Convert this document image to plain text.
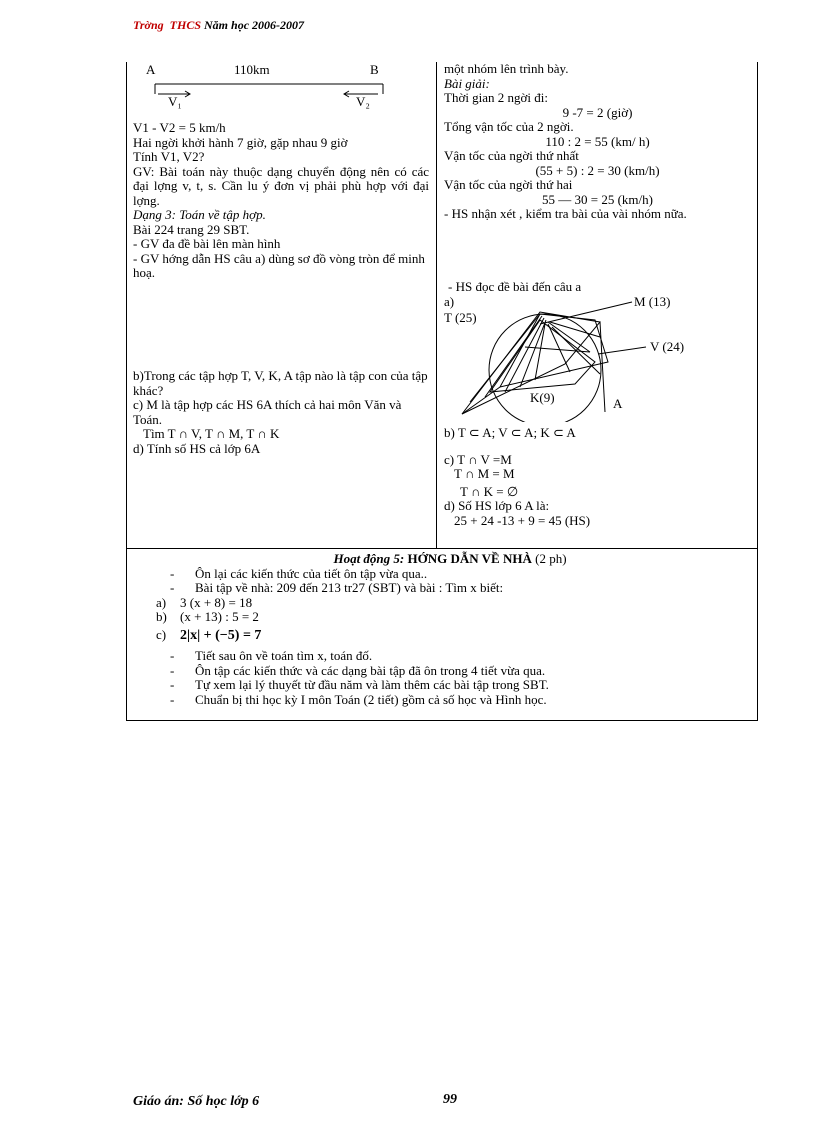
Trờng THCS Năm học 2006-2007
A	110km	B
V₁	V₂

V1 - V2 = 5 km/h

Hai ngời khởi hành 7 giờ, gặp nhau 9 giờ

Tính V1, V2?

GV: Bài toán này thuộc dạng chuyển động nên có các đại lợng v, t, s. Cần lu ý đơn vị phải phù hợp với đại lợng.

Dạng 3: Toán về tập hợp.

Bài 224 trang 29 SBT.

- GV đa đề bài lên màn hình

- GV hớng dẫn HS câu a) dùng sơ đồ vòng tròn để minh hoạ.

b)Trong các tập hợp T, V, K, A tập nào là tập con của tập khác?

c) M là tập hợp các HS 6A thích cả hai môn Văn và Toán.

Tìm T ∩ V, T ∩ M, T ∩ K

d) Tính số HS cả lớp 6A

một nhóm lên trình bày.

Bài giải:

Thời gian 2 ngời đi:

9 -7 = 2 (giờ)

Tổng vận tốc của 2 ngời.

110 : 2 = 55 (km/ h)

Vận tốc của ngời thứ nhất

(55 + 5) : 2 = 30 (km/h)

Vận tốc của ngời thứ hai

55 — 30 = 25 (km/h)

- HS nhận xét , kiểm tra bài của vài nhóm nữa.

- HS đọc đề bài đến câu a
a)
T (25)
M (13)
V (24)
K(9)	A

b) T ⊂ A; V ⊂ A; K ⊂ A

c) T ∩ V =M

T ∩ M = M

T ∩ K = ∅

d) Số HS lớp 6 A là:

25 + 24 -13 + 9 = 45 (HS)

Hoạt động 5: HỚNG DẪN VỀ NHÀ (2 ph)
- Ôn lại các kiến thức của tiết ôn tập vừa qua..
- Bài tập về nhà: 209 đến 213 tr27 (SBT) và bài : Tìm x biết:
a) 3 (x + 8) = 18
b) (x + 13) : 5 = 2
c) 2|x| + (−5) = 7
- Tiết sau ôn về toán tìm x, toán đố.
- Ôn tập các kiến thức và các dạng bài tập đã ôn trong 4 tiết vừa qua.
- Tự xem lại lý thuyết từ đầu năm và làm thêm các bài tập trong SBT.
- Chuẩn bị thi học kỳ I môn Toán (2 tiết) gồm cả số học và Hình học.
Giáo án: Số học lớp 6	99
